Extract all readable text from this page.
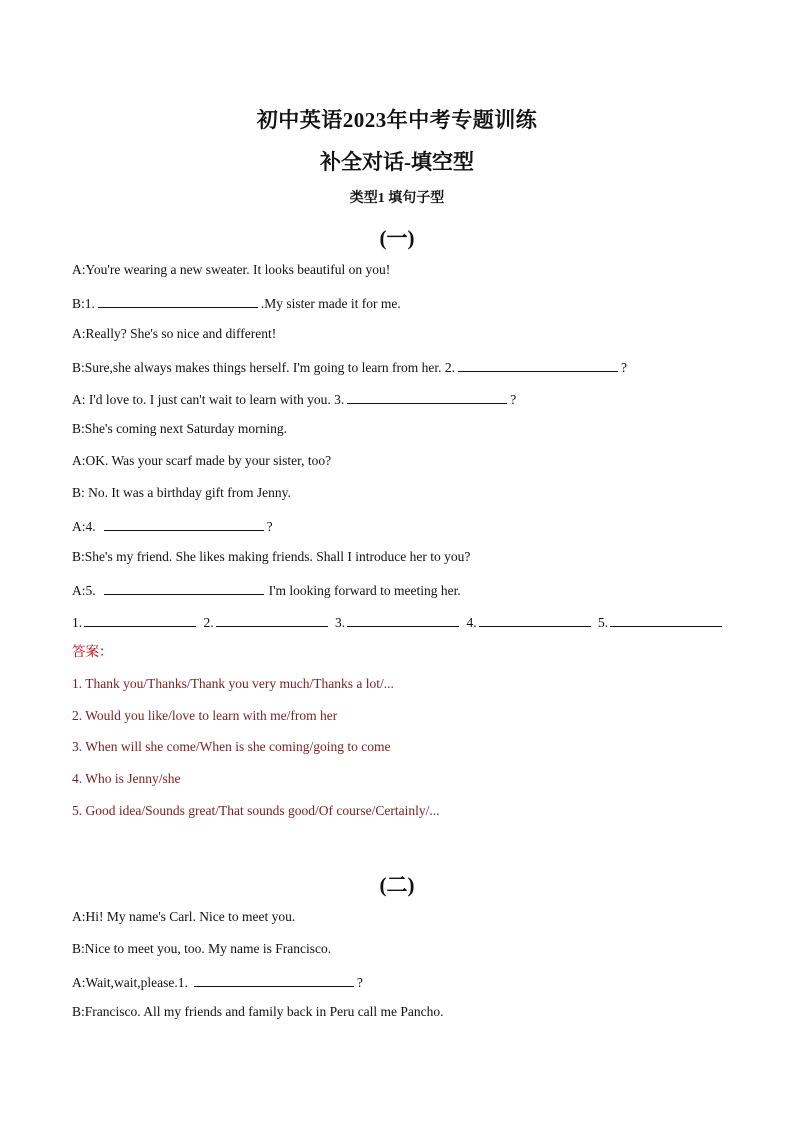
初中英语2023年中考专题训练
补全对话-填空型
类型1 填句子型
(一)
A:You're wearing a new sweater. It looks beautiful on you!
B:1.	.My sister made it for me.
A:Really? She's so nice and different!
B:Sure,she always makes things herself. I'm going to learn from her. 2.	?
A: I'd love to. I just can't wait to learn with you. 3.	?
B:She's coming next Saturday morning.
A:OK. Was your scarf made by your sister, too?
B: No. It was a birthday gift from Jenny.
A:4.	?
B:She's my friend. She likes making friends. Shall I introduce her to you?
A:5.	I'm looking forward to meeting her.
1.	2.	3.	4.	5.
答案：
1. Thank you/Thanks/Thank you very much/Thanks a lot/...
2. Would you like/love to learn with me/from her
3. When will she come/When is she coming/going to come
4. Who is Jenny/she
5. Good idea/Sounds great/That sounds good/Of course/Certainly/...
(二)
A:Hi! My name's Carl. Nice to meet you.
B:Nice to meet you, too. My name is Francisco.
A:Wait,wait,please.1.	?
B:Francisco. All my friends and family back in Peru call me Pancho.
